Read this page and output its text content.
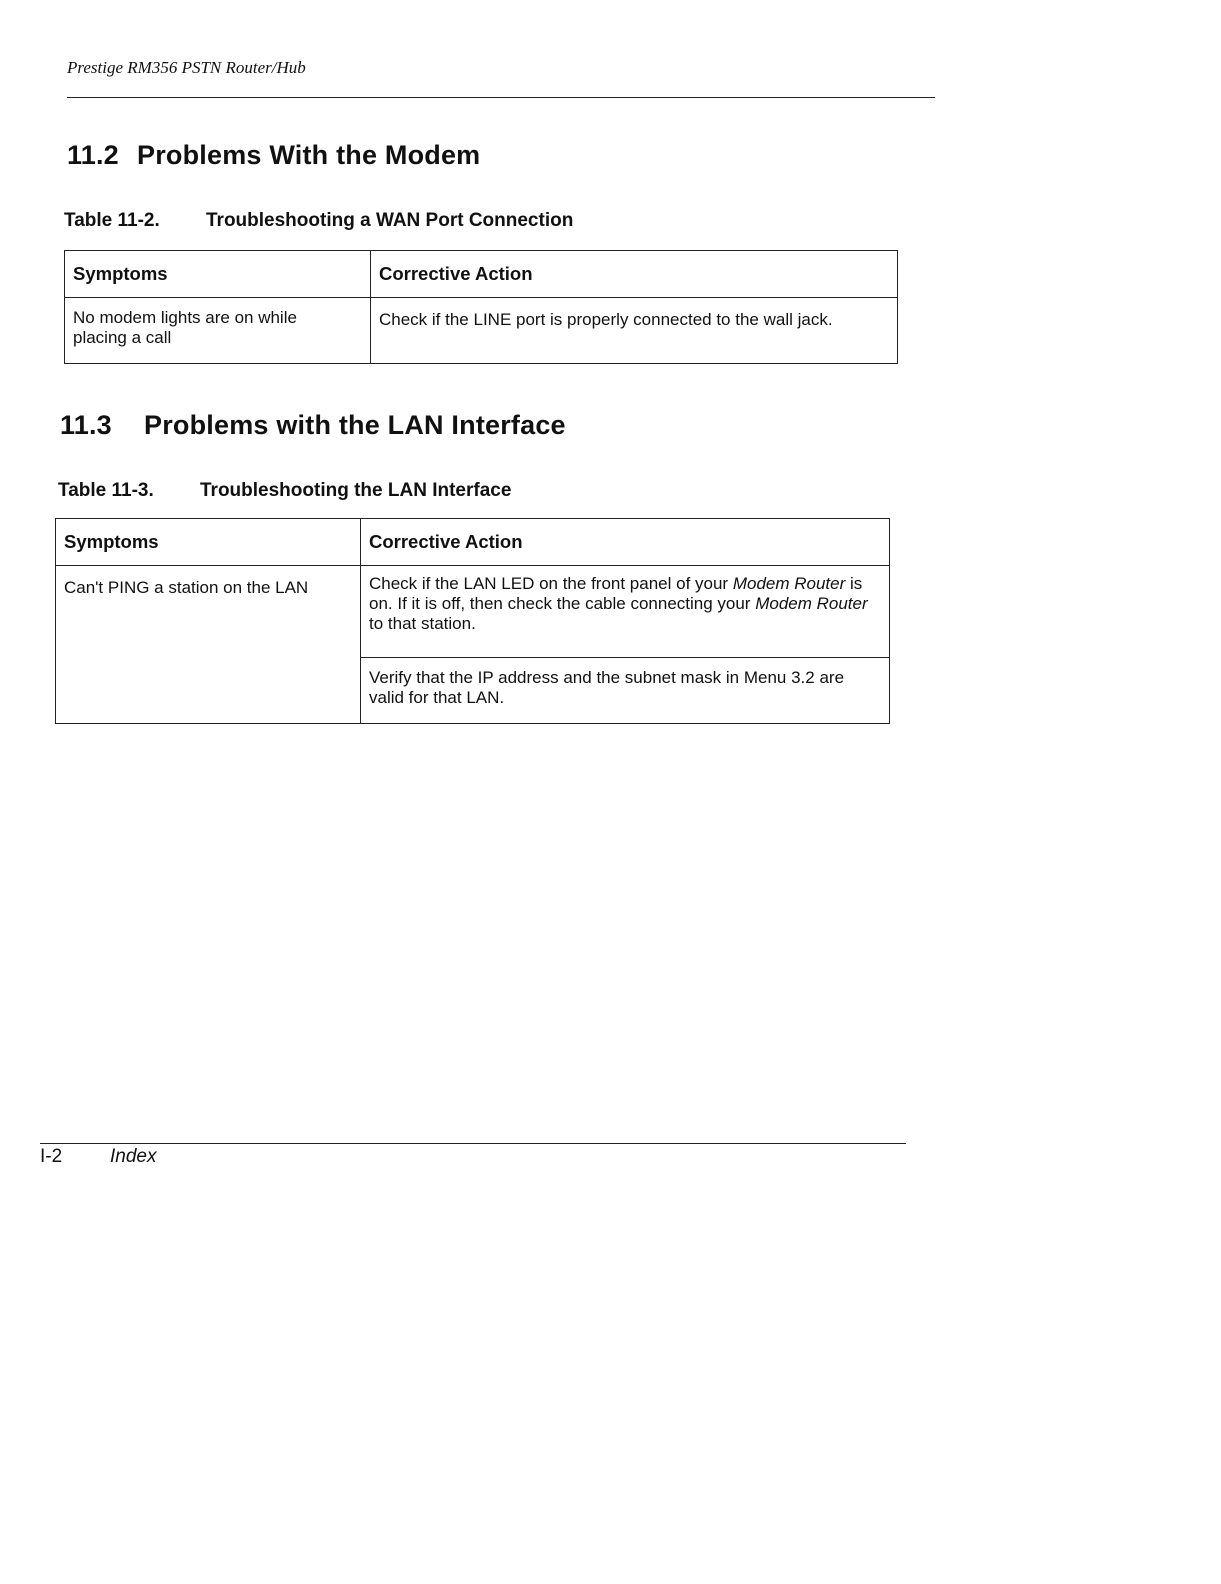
Prestige RM356 PSTN Router/Hub
11.2 Problems With the Modem
Table 11-2. Troubleshooting a WAN Port Connection
Symptoms	Corrective Action

No modem lights are on while placing a call	Check if the LINE port is properly connected to the wall jack.

11.3 Problems with the LAN Interface
Table 11-3. Troubleshooting the LAN Interface
Symptoms	Corrective Action

Can't PING a station on the LAN	Check if the LAN LED on the front panel of your Modem Router is on. If it is off, then check the cable connecting your Modem Router to that station.

	Verify that the IP address and the subnet mask in Menu 3.2 are valid for that LAN.

I-2	Index
